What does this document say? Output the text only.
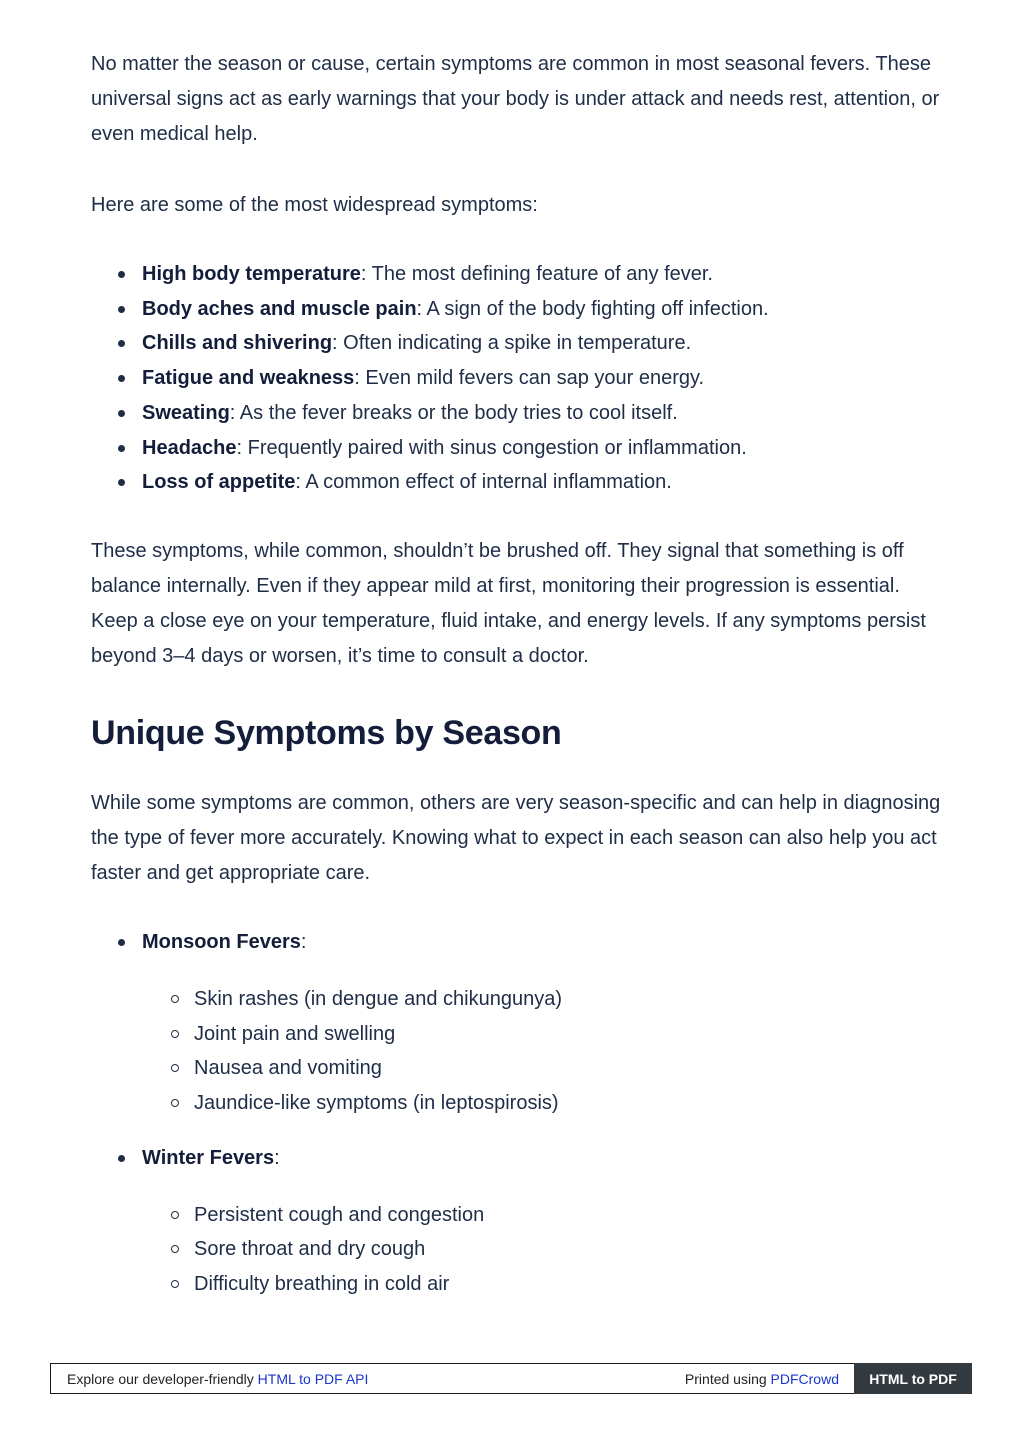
No matter the season or cause, certain symptoms are common in most seasonal fevers. These universal signs act as early warnings that your body is under attack and needs rest, attention, or even medical help.

Here are some of the most widespread symptoms:

High body temperature: The most defining feature of any fever.
Body aches and muscle pain: A sign of the body fighting off infection.
Chills and shivering: Often indicating a spike in temperature.
Fatigue and weakness: Even mild fevers can sap your energy.
Sweating: As the fever breaks or the body tries to cool itself.
Headache: Frequently paired with sinus congestion or inflammation.
Loss of appetite: A common effect of internal inflammation.

These symptoms, while common, shouldn’t be brushed off. They signal that something is off balance internally. Even if they appear mild at first, monitoring their progression is essential. Keep a close eye on your temperature, fluid intake, and energy levels. If any symptoms persist beyond 3–4 days or worsen, it’s time to consult a doctor.

Unique Symptoms by Season

While some symptoms are common, others are very season-specific and can help in diagnosing the type of fever more accurately. Knowing what to expect in each season can also help you act faster and get appropriate care.

Monsoon Fevers:
Skin rashes (in dengue and chikungunya)
Joint pain and swelling
Nausea and vomiting
Jaundice-like symptoms (in leptospirosis)
Winter Fevers:
Persistent cough and congestion
Sore throat and dry cough
Difficulty breathing in cold air
Explore our developer-friendly HTML to PDF API	Printed using PDFCrowd	HTML to PDF
